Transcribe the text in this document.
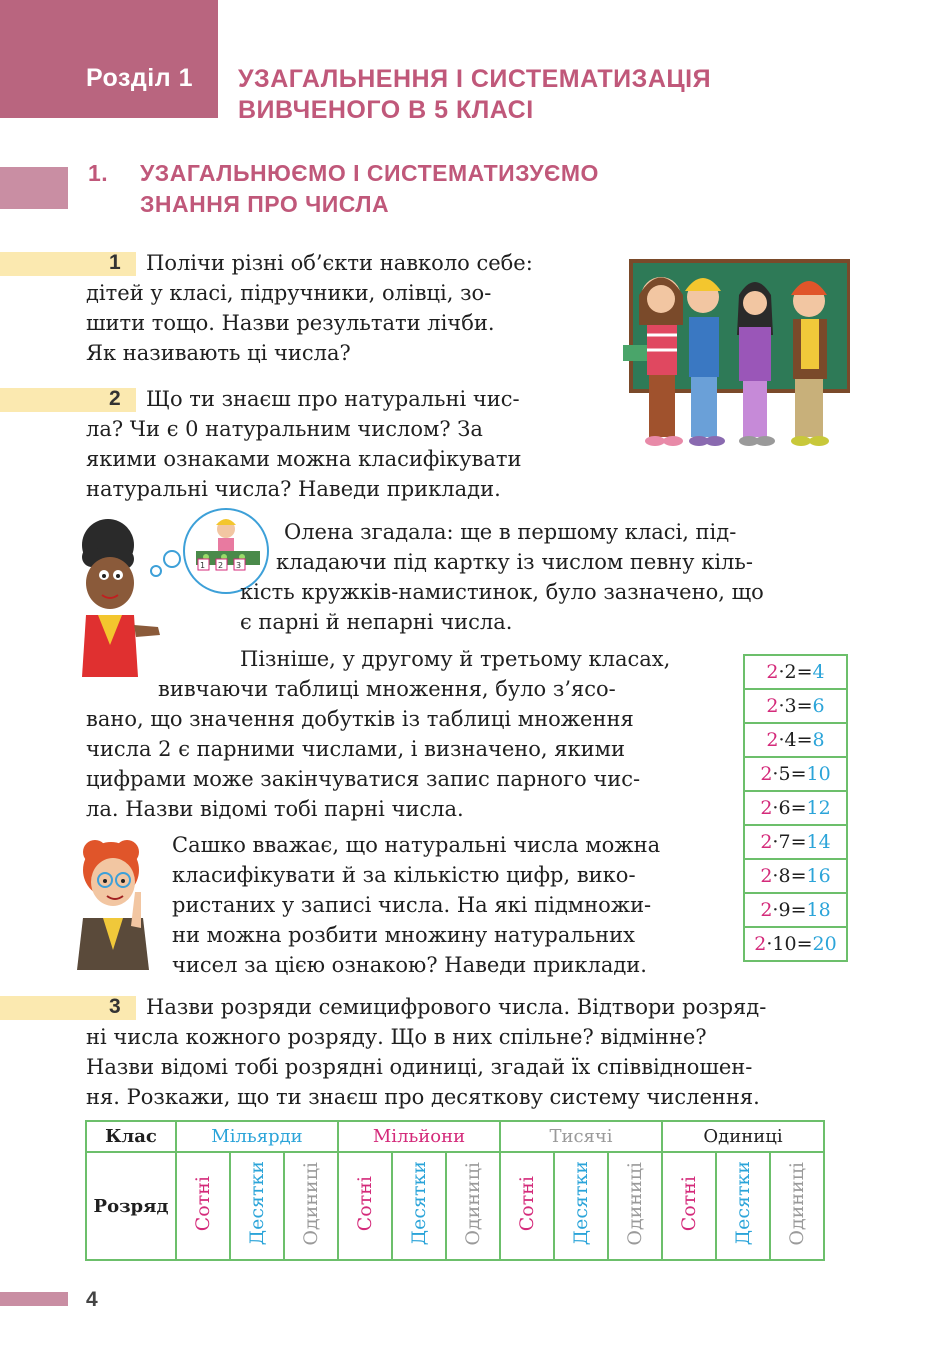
Розділ 1 УЗАГАЛЬНЕННЯ І СИСТЕМАТИЗАЦІЯ
ВИВЧЕНОГО В 5 КЛАСІ
1.	УЗАГАЛЬНЮЄМО І СИСТЕМАТИЗУЄМО
ЗНАННЯ ПРО ЧИСЛА
1	Полічи різні об’єкти навколо себе:
дітей у класі, підручники, олівці, зо-
шити тощо. Назви результати лічби.
Як називають ці числа?
2	Що ти знаєш про натуральні чис-
ла? Чи є 0 натуральним числом? За
якими ознаками можна класифікувати
натуральні числа? Наведи приклади.
1 2 3
Олена згадала: ще в першому класі, під-
кладаючи під картку із числом певну кіль-
кість кружків-намистинок, було зазначено, що
є парні й непарні числа.
Пізніше, у другому й третьому класах,
вивчаючи таблиці множення, було з’ясо-
вано, що значення добутків із таблиці множення
числа 2 є парними числами, і визначено, якими
цифрами може закінчуватися запис парного чис-
ла. Назви відомі тобі парні числа.
2·2=4
2·3=6
2·4=8
2·5=10
2·6=12
2·7=14
2·8=16
2·9=18
2·10=20
Сашко вважає, що натуральні числа можна
класифікувати й за кількістю цифр, вико-
ристаних у записі числа. На які підмножи-
ни можна розбити множину натуральних
чисел за цією ознакою? Наведи приклади.
3	Назви розряди семицифрового числа. Відтвори розряд-
ні числа кожного розряду. Що в них спільне? відмінне?
Назви відомі тобі розрядні одиниці, згадай їх співвідношен-
ня. Розкажи, що ти знаєш про десяткову систему числення.
Клас	Мільярди			Мільйони			Тисячі			Одиниці		
Розряд	Сотні	Десятки	Одиниці	Сотні	Десятки	Одиниці	Сотні	Десятки	Одиниці	Сотні	Десятки	Одиниці
4
